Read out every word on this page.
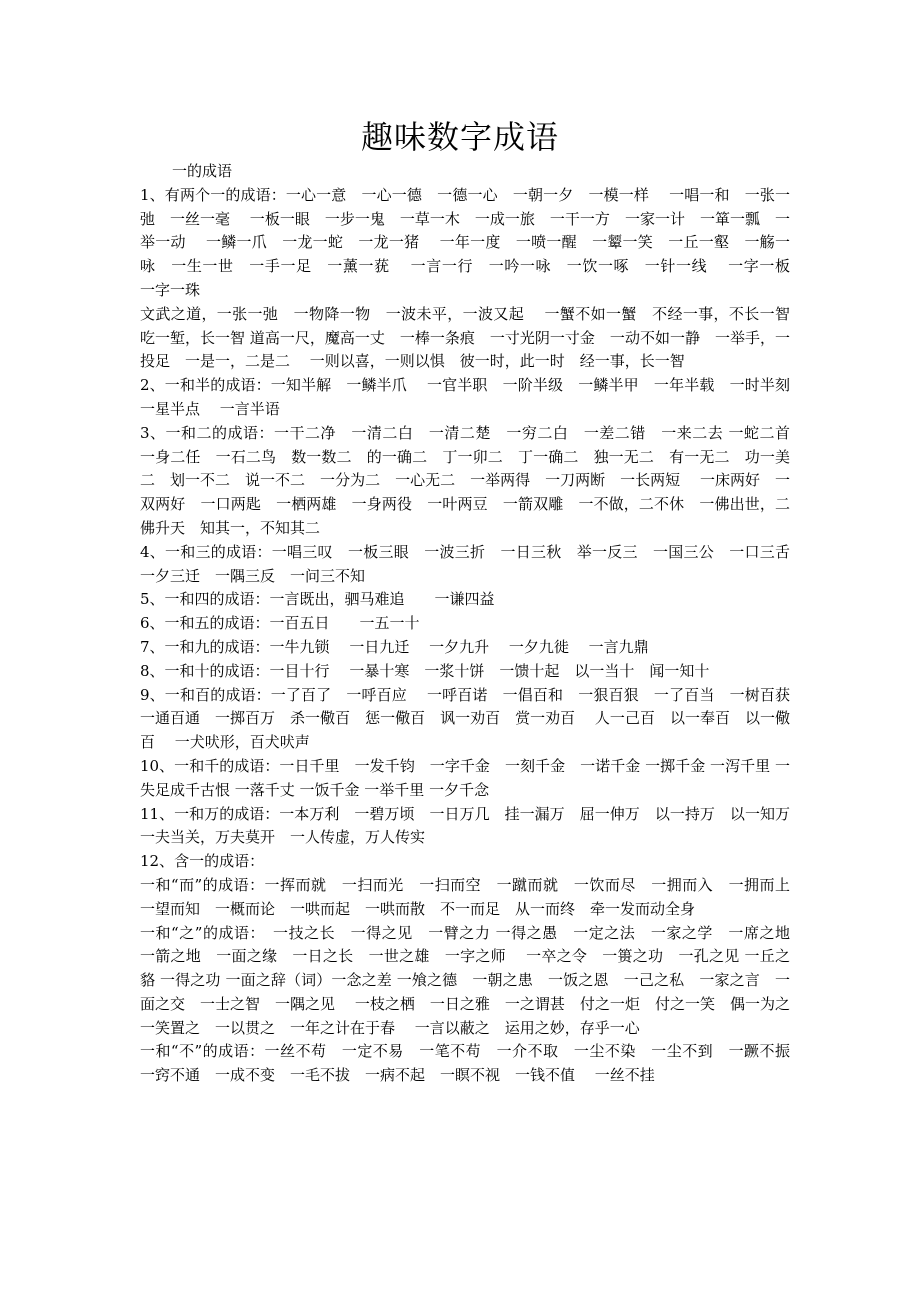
趣味数字成语

一的成语

1、有两个一的成语：一心一意　一心一德　一德一心　一朝一夕　一模一样　 一唱一和　一张一弛　一丝一毫　 一板一眼　一步一鬼　一草一木　一成一旅　一干一方　一家一计　一箪一瓢　一举一动　 一鳞一爪　一龙一蛇　一龙一猪　 一年一度　一喷一醒　一颦一笑　一丘一壑　一觞一咏　一生一世　一手一足　一薰一莸　 一言一行　一吟一咏　一饮一啄　一针一线　 一字一板　一字一珠

文武之道，一张一弛　一物降一物　一波未平，一波又起　 一蟹不如一蟹　不经一事，不长一智　吃一堑，长一智 道高一尺，魔高一丈　一棒一条痕　一寸光阴一寸金　一动不如一静　一举手，一投足　一是一，二是二　 一则以喜，一则以惧　彼一时，此一时　经一事，长一智

2、一和半的成语：一知半解　一鳞半爪　 一官半职　一阶半级　一鳞半甲　一年半载　一时半刻　一星半点　 一言半语

3、一和二的成语：一干二净　一清二白　一清二楚　一穷二白　一差二错　一来二去 一蛇二首　一身二任　一石二鸟　数一数二　的一确二　丁一卯二　丁一确二　独一无二　有一无二　功一美二　划一不二　说一不二　一分为二　一心无二　一举两得　一刀两断　一长两短　 一床两好　一双两好　一口两匙　一栖两雄　一身两役　一叶两豆　一箭双雕　一不做，二不休　一佛出世，二佛升天　知其一，不知其二

4、一和三的成语：一唱三叹　一板三眼　一波三折　一日三秋　举一反三　一国三公　一口三舌　一夕三迁　一隅三反　一问三不知

5、一和四的成语：一言既出，驷马难追　　一谦四益

6、一和五的成语：一百五日　　一五一十

7、一和九的成语：一牛九锁　 一日九迁　 一夕九升　 一夕九徙　 一言九鼎

8、一和十的成语：一目十行　 一暴十寒　一浆十饼　一馈十起　以一当十　闻一知十

9、一和百的成语：一了百了　一呼百应　 一呼百诺　一倡百和　一狠百狠　一了百当　一树百获　一通百通　一掷百万　杀一儆百　惩一儆百　讽一劝百　赏一劝百　 人一己百　以一奉百　以一儆百　 一犬吠形，百犬吠声

10、一和千的成语：一日千里　一发千钧　一字千金　一刻千金　一诺千金 一掷千金 一泻千里 一失足成千古恨 一落千丈 一饭千金 一举千里 一夕千念

11、一和万的成语：一本万利　一碧万顷　一日万几　挂一漏万　屈一伸万　以一持万　以一知万　 一夫当关，万夫莫开　一人传虚，万人传实

12、含一的成语：

一和“而”的成语：一挥而就　一扫而光　一扫而空　一蹴而就　一饮而尽　一拥而入　一拥而上　一望而知　一概而论　一哄而起　一哄而散　不一而足　从一而终　牵一发而动全身

一和“之”的成语：　一技之长　一得之见　一臂之力 一得之愚　一定之法　一家之学　一席之地　一箭之地　一面之缘　一日之长　一世之雄　一字之师　 一卒之令　一篑之功　一孔之见 一丘之貉 一得之功 一面之辞（词）一念之差 一飧之德　一朝之患　一饭之恩　一己之私　一家之言　一面之交　一士之智　一隅之见　 一枝之栖　一日之雅　一之谓甚　付之一炬　付之一笑　偶一为之　一笑置之　一以贯之　一年之计在于春　 一言以蔽之　运用之妙，存乎一心

一和“不”的成语：一丝不苟　一定不易　一笔不苟　一介不取　一尘不染　一尘不到　一蹶不振　一窍不通　一成不变　一毛不拔　一病不起　一瞑不视　一钱不值　 一丝不挂
